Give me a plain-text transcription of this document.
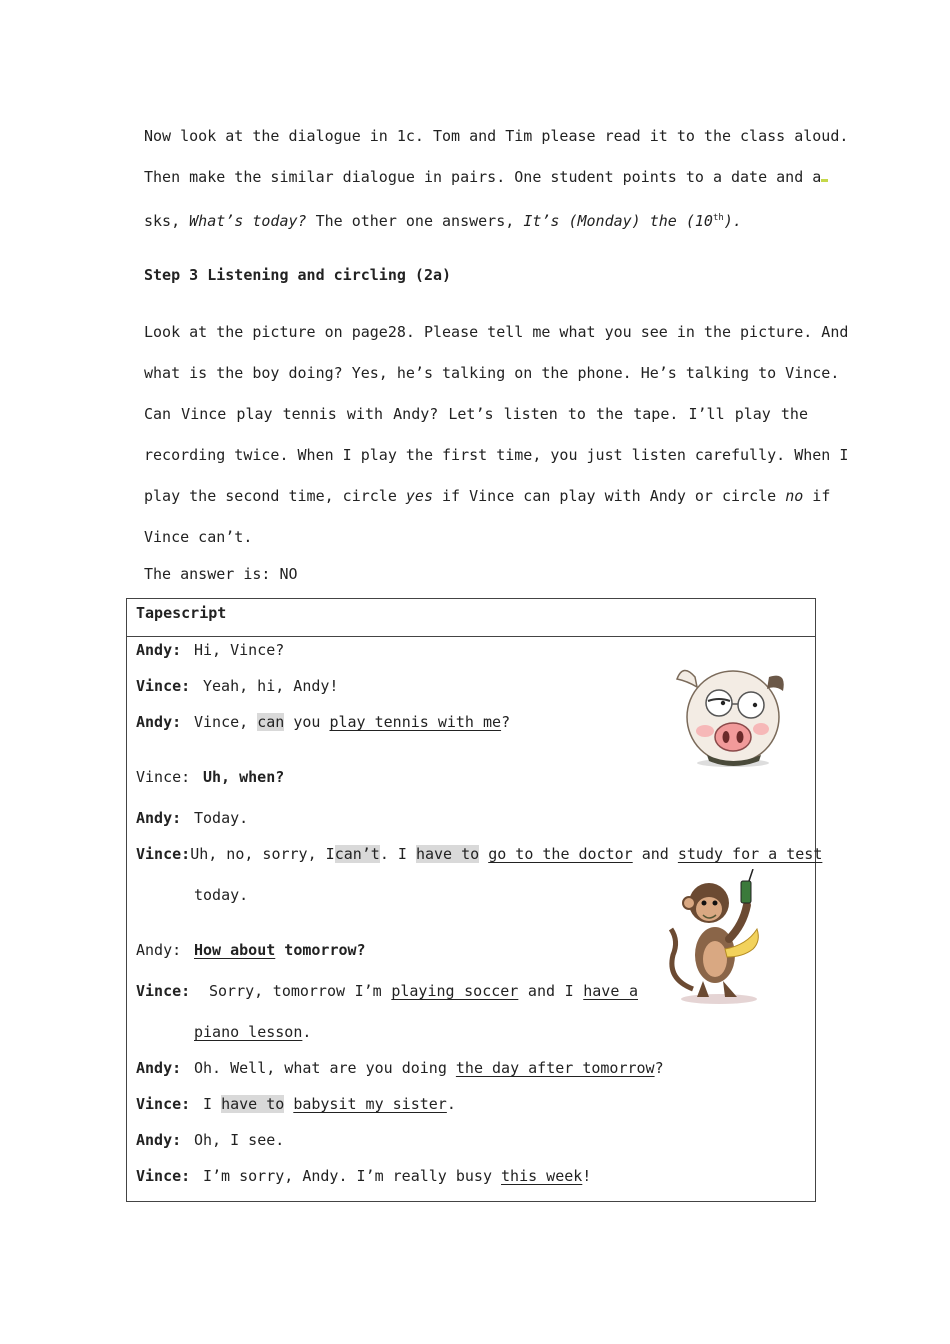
Now look at the dialogue in 1c. Tom and Tim please read it to the class aloud.
Then make the similar dialogue in pairs. One student points to a date and a
sks, What’s today? The other one answers, It’s (Monday) the (10th).
Step 3 Listening and circling (2a)
Look at the picture on page28. Please tell me what you see in the picture. And
what is the boy doing? Yes, he’s talking on the phone. He’s talking to Vince.
Can Vince play tennis with Andy? Let’s listen to the tape. I’ll play the
recording twice. When I play the first time, you just listen carefully. When I
play the second time, circle yes if Vince can play with Andy or circle no if
Vince can’t.
The answer is: NO
Tapescript

Andy: Hi, Vince?
Vince: Yeah, hi, Andy!
Andy: Vince, can you play tennis with me?
Vince: Uh, when?
Andy: Today.
Vince: Uh, no, sorry, I can’t. I have to go to the doctor and study for a test
today.
Andy: How about tomorrow?
Vince:	Sorry, tomorrow I’m playing soccer and I have a
piano lesson.
Andy: Oh. Well, what are you doing the day after tomorrow?
Vince: I have to babysit my sister.
Andy: Oh, I see.
Vince: I’m sorry, Andy. I’m really busy this week!
